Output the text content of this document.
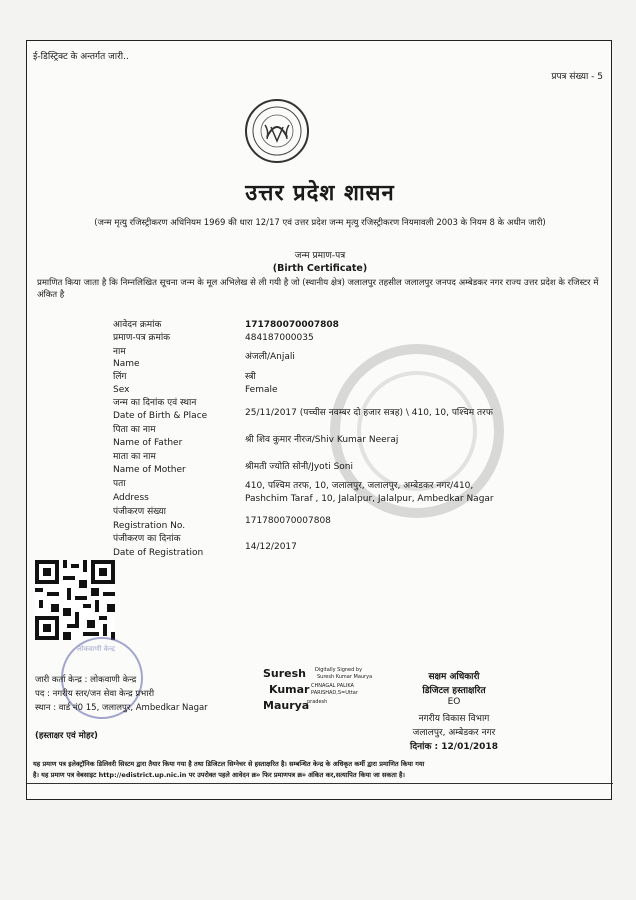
ई-डिस्ट्रिक्ट के अन्तर्गत जारी..
प्रपत्र संख्या - 5
उत्तर प्रदेश शासन
(जन्म मृत्यु रजिस्ट्रीकरण अधिनियम 1969 की धारा 12/17 एवं उत्तर प्रदेश जन्म मृत्यु रजिस्ट्रीकरण नियमावली 2003 के नियम 8 के अधीन जारी)
जन्म प्रमाण-पत्र
(Birth Certificate)
प्रमाणित किया जाता है कि निम्नलिखित सूचना जन्म के मूल अभिलेख से ली गयी है जो (स्थानीय क्षेत्र) जलालपुर तहसील जलालपुर जनपद अम्बेडकर नगर राज्य उत्तर प्रदेश के रजिस्टर में अंकित है
आवेदन क्रमांक
प्रमाण-पत्र क्रमांक
नाम
Name
लिंग
Sex
जन्म का दिनांक एवं स्थान
Date of Birth & Place
पिता का नाम
Name of Father
माता का नाम
Name of Mother
पता
Address
पंजीकरण संख्या
Registration No.
पंजीकरण का दिनांक
Date of Registration
171780070007808
484187000035
अंजली/Anjali
स्त्री
Female
25/11/2017 (पच्चीस नवम्बर दो हजार सत्रह) \ 410, 10, पश्चिम तरफ
श्री शिव कुमार नीरज/Shiv Kumar Neeraj
श्रीमती ज्योति सोनी/Jyoti Soni
410, पश्चिम तरफ, 10, जलालपुर, जलालपुर, अम्बेडकर नगर/410,
Pashchim Taraf , 10, Jalalpur, Jalalpur, Ambedkar Nagar
171780070007808
14/12/2017
लोकवाणी केन्द्र
जारी कर्ता केन्द्र : लोकवाणी केन्द्र
पद : नगरीय स्तर/जन सेवा केन्द्र प्रभारी
स्थान : वार्ड नं0 15, जलालपुर, Ambedkar Nagar
(हस्ताक्षर एवं मोहर)
Suresh
Kumar
Maurya
Digitally Signed by
Suresh Kumar Maurya
CHNAGAL PALIKA
PARISHAD,S=Uttar
pradesh
सक्षम अधिकारी
डिजिटल हस्ताक्षरित
EO
नगरीय विकास विभाग
जलालपुर, अम्बेडकर नगर
दिनांक : 12/01/2018
यह प्रमाण पत्र इलेक्ट्रॉनिक डिलिवरी सिस्टम द्वारा तैयार किया गया है तथा डिजिटल सिग्नेचर से हस्ताक्षरित है। सम्बन्धित केन्द्र के अधिकृत कर्मी द्वारा प्रमाणित किया गया
है। यह प्रमाण पत्र वेबसाइट http://edistrict.up.nic.in पर उपरोक्त पहले आवेदन क्र० फिर प्रमाणपत्र क्र० अंकित कर,सत्यापित किया जा सकता है।
